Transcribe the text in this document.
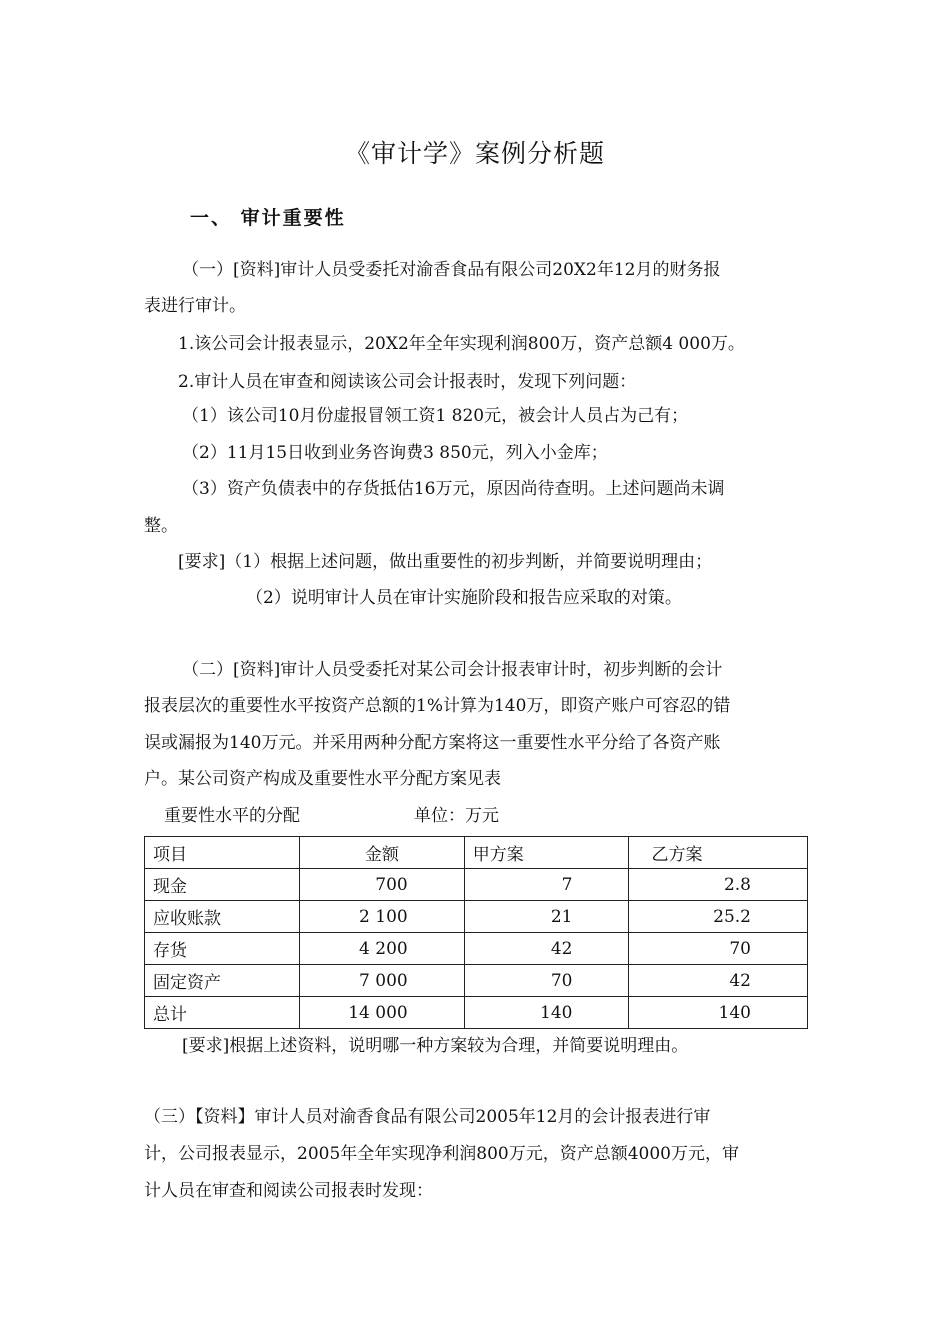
《审计学》案例分析题
一、 审计重要性
（一）[资料]审计人员受委托对渝香食品有限公司20X2年12月的财务报
表进行审计。
1.该公司会计报表显示，20X2年全年实现利润800万，资产总额4 000万。
2.审计人员在审查和阅读该公司会计报表时，发现下列问题：
（1）该公司10月份虚报冒领工资1 820元，被会计人员占为己有；
（2）11月15日收到业务咨询费3 850元，列入小金库；
（3）资产负债表中的存货抵估16万元，原因尚待查明。上述问题尚未调
整。
[要求]（1）根据上述问题，做出重要性的初步判断，并简要说明理由；
（2）说明审计人员在审计实施阶段和报告应采取的对策。
（二）[资料]审计人员受委托对某公司会计报表审计时，初步判断的会计
报表层次的重要性水平按资产总额的1%计算为140万，即资产账户可容忍的错
误或漏报为140万元。并采用两种分配方案将这一重要性水平分给了各资产账
户。某公司资产构成及重要性水平分配方案见表
重要性水平的分配	单位：万元
项目	金额	甲方案	乙方案
现金	700	7	2.8
应收账款	2 100	21	25.2
存货	4 200	42	70
固定资产	7 000	70	42
总计	14 000	140	140
[要求]根据上述资料，说明哪一种方案较为合理，并简要说明理由。
（三）【资料】审计人员对渝香食品有限公司2005年12月的会计报表进行审
计，公司报表显示，2005年全年实现净利润800万元，资产总额4000万元，审
计人员在审查和阅读公司报表时发现：
